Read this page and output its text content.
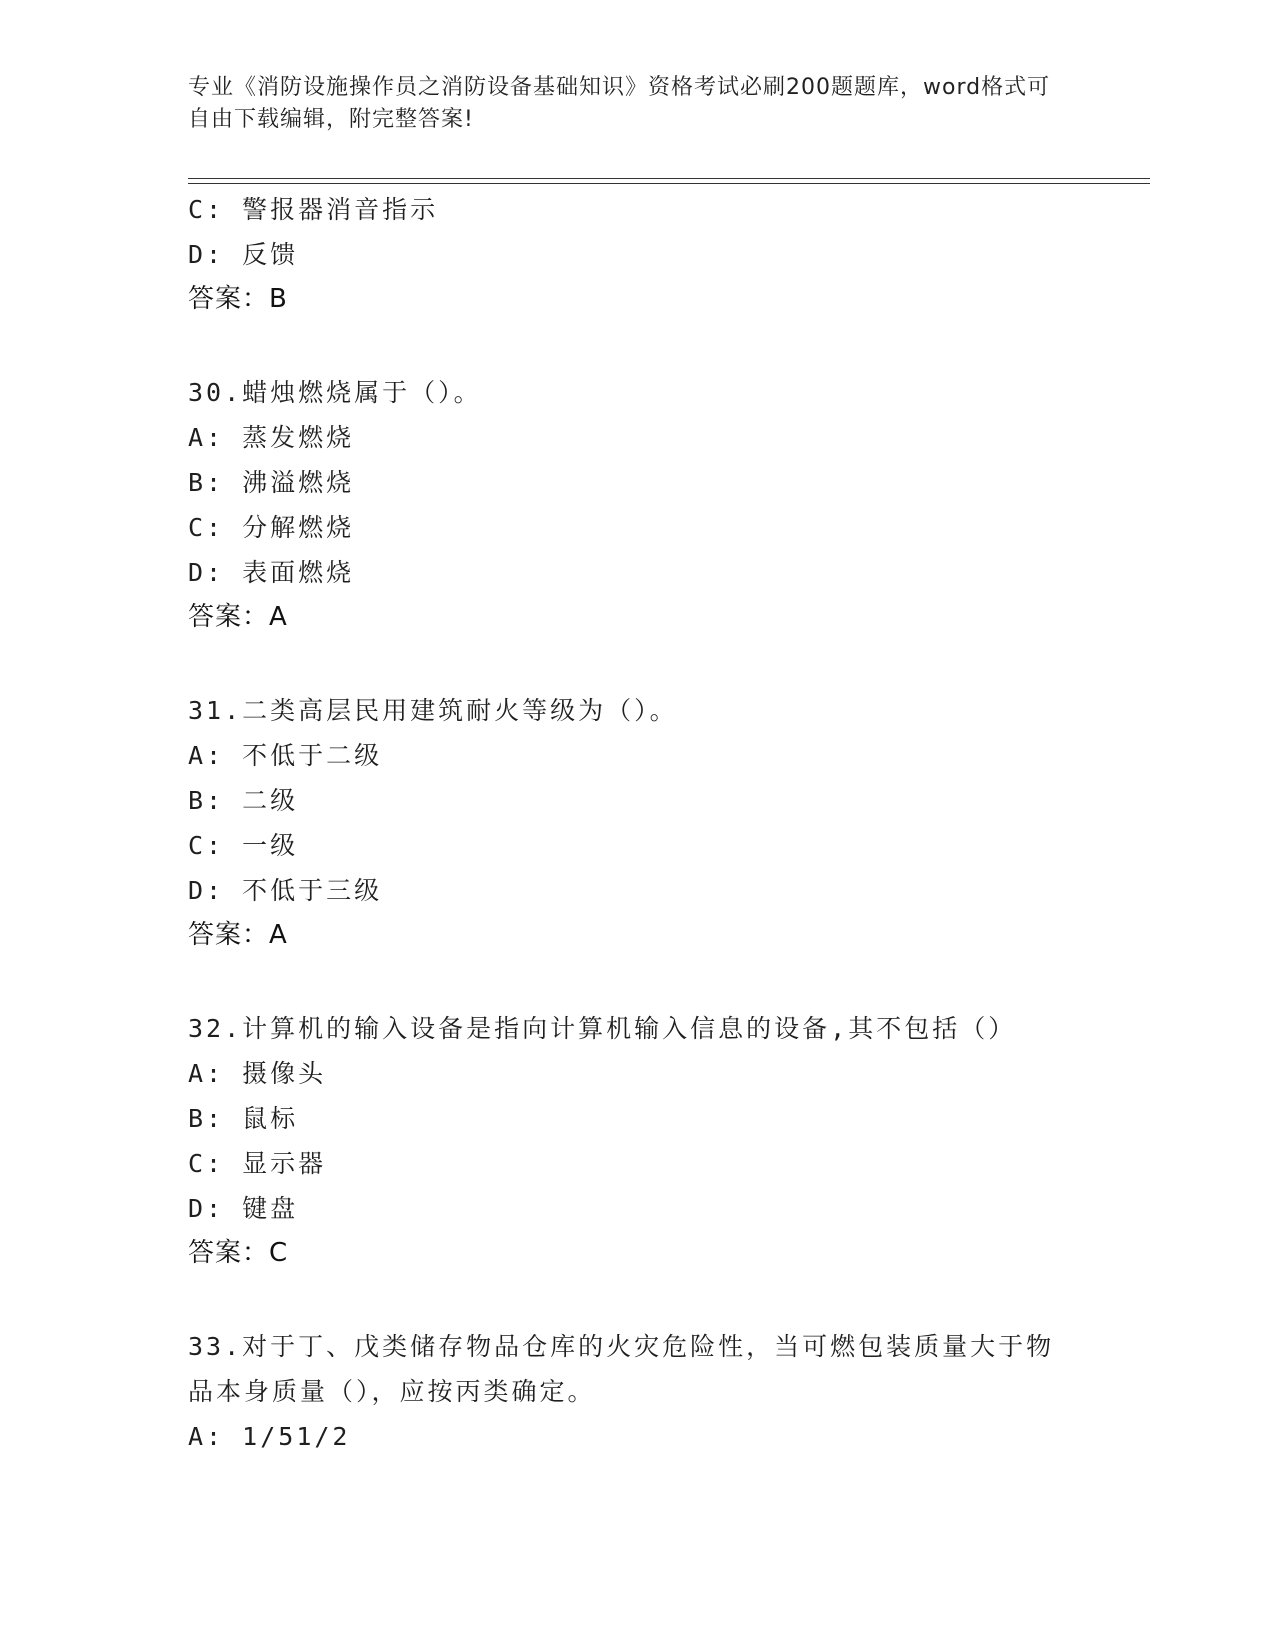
专业《消防设施操作员之消防设备基础知识》资格考试必刷200题题库，word格式可自由下载编辑，附完整答案!
C: 警报器消音指示
D: 反馈
答案：B
30.蜡烛燃烧属于（）。
A: 蒸发燃烧
B: 沸溢燃烧
C: 分解燃烧
D: 表面燃烧
答案：A
31.二类高层民用建筑耐火等级为（）。
A: 不低于二级
B: 二级
C: 一级
D: 不低于三级
答案：A
32.计算机的输入设备是指向计算机输入信息的设备,其不包括（）
A: 摄像头
B: 鼠标
C: 显示器
D: 键盘
答案：C
33.对于丁、戊类储存物品仓库的火灾危险性，当可燃包装质量大于物品本身质量（），应按丙类确定。
A: 1/51/2
